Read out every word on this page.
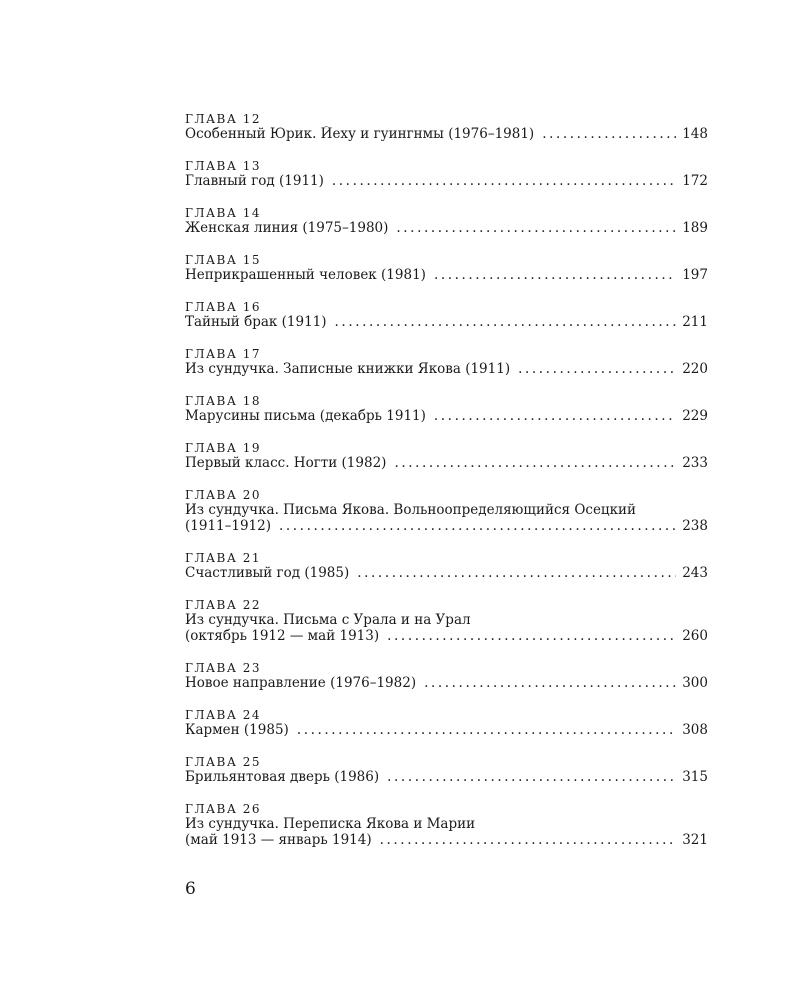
ГЛАВА 12
Особенный Юрик. Йеху и гуингнмы (1976–1981) .....	148
ГЛАВА 13
Главный год (1911) .....	172
ГЛАВА 14
Женская линия (1975–1980) .....	189
ГЛАВА 15
Неприкрашенный человек (1981) .....	197
ГЛАВА 16
Тайный брак (1911) .....	211
ГЛАВА 17
Из сундучка. Записные книжки Якова (1911) .....	220
ГЛАВА 18
Марусины письма (декабрь 1911) .....	229
ГЛАВА 19
Первый класс. Ногти (1982) .....	233
ГЛАВА 20
Из сундучка. Письма Якова. Вольноопределяющийся Осецкий
(1911–1912) .....	238
ГЛАВА 21
Счастливый год (1985) .....	243
ГЛАВА 22
Из сундучка. Письма с Урала и на Урал
(октябрь 1912 — май 1913) .....	260
ГЛАВА 23
Новое направление (1976–1982) .....	300
ГЛАВА 24
Кармен (1985) .....	308
ГЛАВА 25
Брильянтовая дверь (1986) .....	315
ГЛАВА 26
Из сундучка. Переписка Якова и Марии
(май 1913 — январь 1914) .....	321
6
